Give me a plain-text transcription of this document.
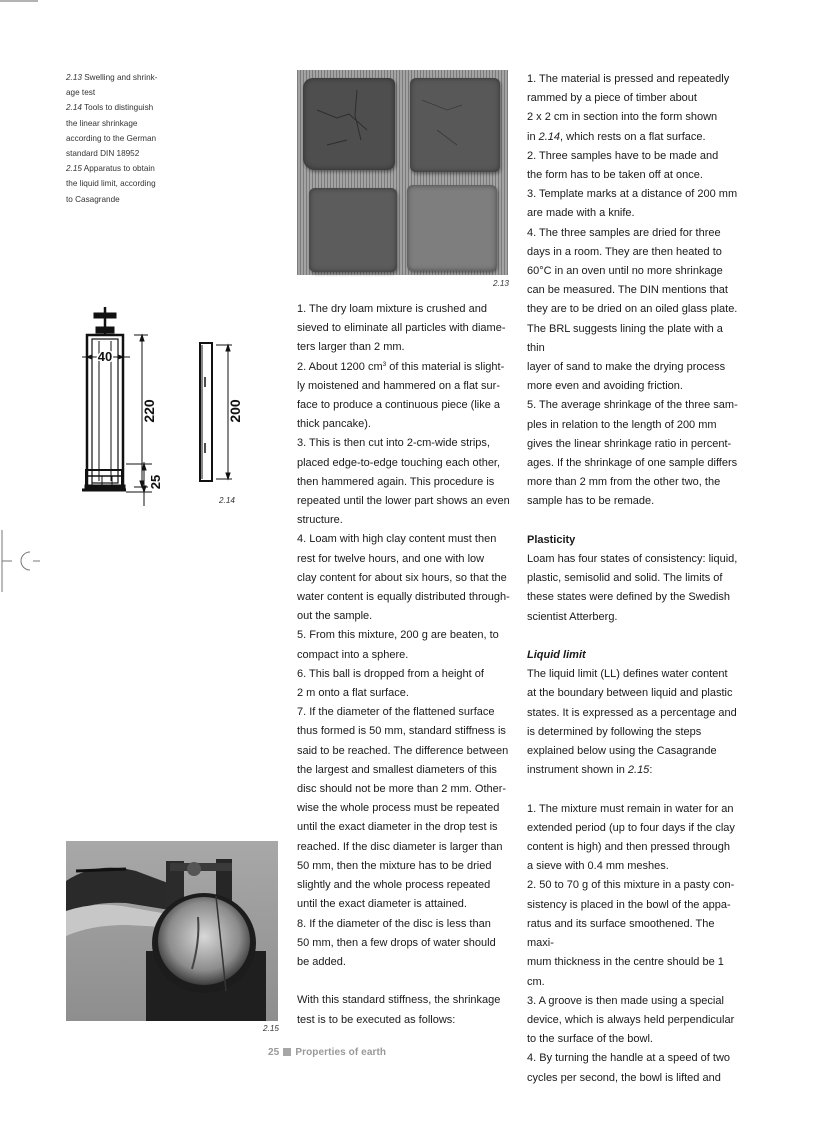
2.13 Swelling and shrink-
age test
2.14 Tools to distinguish
the linear shrinkage
according to the German
standard DIN 18952
2.15 Apparatus to obtain
the liquid limit, according
to Casagrande
2.13
40
220	200
25
2.14
2.15

1. The dry loam mixture is crushed and

sieved to eliminate all particles with diame-

ters larger than 2 mm.

2. About 1200 $cm^3$ of this material is slight-

ly moistened and hammered on a flat sur-

face to produce a continuous piece (like a

thick pancake).

3. This is then cut into 2-cm-wide strips,

placed edge-to-edge touching each other,

then hammered again. This procedure is

repeated until the lower part shows an even

structure.

4. Loam with high clay content must then

rest for twelve hours, and one with low

clay content for about six hours, so that the

water content is equally distributed through-

out the sample.

5. From this mixture, 200 g are beaten, to

compact into a sphere.

6. This ball is dropped from a height of

2 m onto a flat surface.

7. If the diameter of the flattened surface

thus formed is 50 mm, standard stiffness is

said to be reached. The difference between

the largest and smallest diameters of this

disc should not be more than 2 mm. Other-

wise the whole process must be repeated

until the exact diameter in the drop test is

reached. If the disc diameter is larger than

50 mm, then the mixture has to be dried

slightly and the whole process repeated

until the exact diameter is attained.

8. If the diameter of the disc is less than

50 mm, then a few drops of water should

be added.

With this standard stiffness, the shrinkage

test is to be executed as follows:

1. The material is pressed and repeatedly

rammed by a piece of timber about

2 x 2 cm in section into the form shown

in 2.14, which rests on a flat surface.

2. Three samples have to be made and

the form has to be taken off at once.

3. Template marks at a distance of 200 mm

are made with a knife.

4. The three samples are dried for three

days in a room. They are then heated to

60°C in an oven until no more shrinkage

can be measured. The DIN mentions that

they are to be dried on an oiled glass plate.

The BRL suggests lining the plate with a thin

layer of sand to make the drying process

more even and avoiding friction.

5. The average shrinkage of the three sam-

ples in relation to the length of 200 mm

gives the linear shrinkage ratio in percent-

ages. If the shrinkage of one sample differs

more than 2 mm from the other two, the

sample has to be remade.

Plasticity

Loam has four states of consistency: liquid,

plastic, semisolid and solid. The limits of

these states were defined by the Swedish

scientist Atterberg.

Liquid limit

The liquid limit (LL) defines water content

at the boundary between liquid and plastic

states. It is expressed as a percentage and

is determined by following the steps

explained below using the Casagrande

instrument shown in 2.15:

1. The mixture must remain in water for an

extended period (up to four days if the clay

content is high) and then pressed through

a sieve with 0.4 mm meshes.

2. 50 to 70 g of this mixture in a pasty con-

sistency is placed in the bowl of the appa-

ratus and its surface smoothened. The maxi-

mum thickness in the centre should be 1 cm.

3. A groove is then made using a special

device, which is always held perpendicular

to the surface of the bowl.

4. By turning the handle at a speed of two

cycles per second, the bowl is lifted and

25 Properties of earth
